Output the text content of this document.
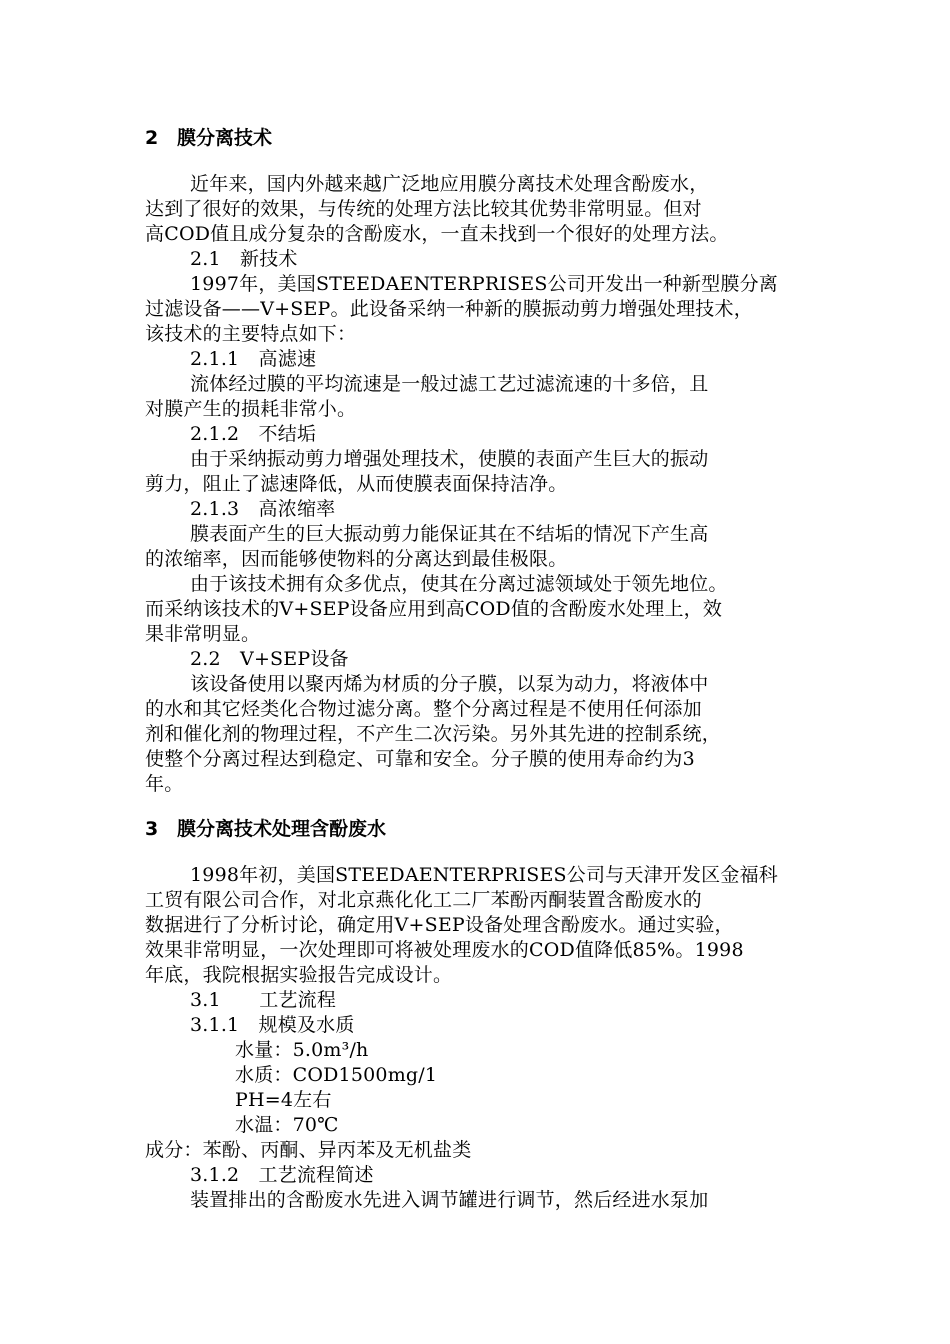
2 膜分离技术
近年来，国内外越来越广泛地应用膜分离技术处理含酚废水，
达到了很好的效果，与传统的处理方法比较其优势非常明显。但对
高COD值且成分复杂的含酚废水，一直未找到一个很好的处理方法。
2.1　新技术
1997年，美国STEEDAENTERPRISES公司开发出一种新型膜分离
过滤设备——V+SEP。此设备采纳一种新的膜振动剪力增强处理技术，
该技术的主要特点如下：
2.1.1　高滤速
流体经过膜的平均流速是一般过滤工艺过滤流速的十多倍，且
对膜产生的损耗非常小。
2.1.2　不结垢
由于采纳振动剪力增强处理技术，使膜的表面产生巨大的振动
剪力，阻止了滤速降低，从而使膜表面保持洁净。
2.1.3　高浓缩率
膜表面产生的巨大振动剪力能保证其在不结垢的情况下产生高
的浓缩率，因而能够使物料的分离达到最佳极限。
由于该技术拥有众多优点，使其在分离过滤领域处于领先地位。
而采纳该技术的V+SEP设备应用到高COD值的含酚废水处理上，效
果非常明显。
2.2　V+SEP设备
该设备使用以聚丙烯为材质的分子膜，以泵为动力，将液体中
的水和其它烃类化合物过滤分离。整个分离过程是不使用任何添加
剂和催化剂的物理过程，不产生二次污染。另外其先进的控制系统，
使整个分离过程达到稳定、可靠和安全。分子膜的使用寿命约为3
年。
3 膜分离技术处理含酚废水
1998年初，美国STEEDAENTERPRISES公司与天津开发区金福科
工贸有限公司合作，对北京燕化化工二厂苯酚丙酮装置含酚废水的
数据进行了分析讨论，确定用V+SEP设备处理含酚废水。通过实验，
效果非常明显，一次处理即可将被处理废水的COD值降低85%。1998
年底，我院根据实验报告完成设计。
3.1　　工艺流程
3.1.1　规模及水质
水量：5.0m³/h
水质：COD1500mg/1
PH=4左右
水温：70℃
成分：苯酚、丙酮、异丙苯及无机盐类
3.1.2　工艺流程简述
装置排出的含酚废水先进入调节罐进行调节，然后经进水泵加
